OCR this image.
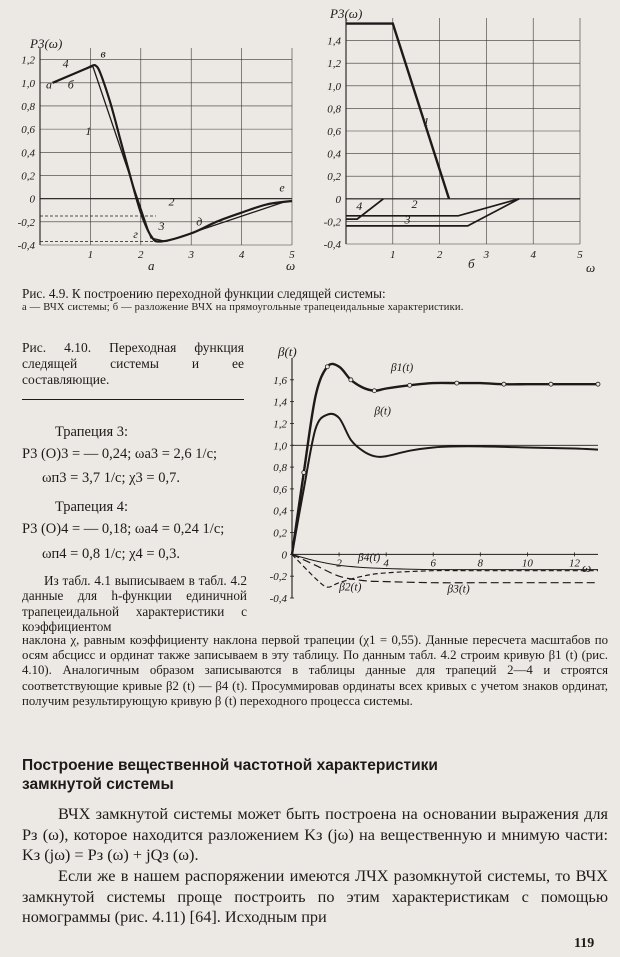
1,2
1,0
0,8
0,6
0,4
0,2
0
-0,2
-0,4
1	2	3	4	5
P3(ω)
ω
а
4
а б
в
1
2
3
г
д
е
1,4
1,2
1,0
0,8
0,6
0,4
0,2
0
-0,2
-0,4
1	2	3	4	5
P3(ω)
ω
б
1
2
3
4
Рис. 4.9. К построению переходной функции следящей системы:
а — ВЧХ системы; б — разложение ВЧХ на прямоугольные трапецеидальные характеристики.
Рис. 4.10. Переходная функция следящей системы и ее составляющие.
Трапеция 3:
P3 (O)3 = — 0,24; ωa3 = 2,6 1/c;
ωп3 = 3,7 1/c; χ3 = 0,7.
Трапеция 4:
P3 (O)4 = — 0,18; ωa4 = 0,24 1/c;
ωп4 = 0,8 1/c; χ4 = 0,3.
Из табл. 4.1 выписываем в табл. 4.2 данные для h-функции единичной трапецеидальной характеристики с коэффициентом
1,6
1,4
1,2
1,0
0,8
0,6
0,4
0,2
0
-0,2
-0,4
2	4	6	8	10	12
β(t)
ω
β1(t)
β(t)
β4(t)
β2(t)	β3(t)
наклона χ, равным коэффициенту наклона первой трапеции (χ1 = 0,55). Данные пересчета масштабов по осям абсцисс и ординат также записываем в эту таблицу. По данным табл. 4.2 строим кривую β1 (t) (рис. 4.10). Аналогичным образом записываются в таблицы данные для трапеций 2—4 и строятся соответствующие кривые β2 (t) — β4 (t). Просуммировав ординаты всех кривых с учетом знаков ординат, получим результирующую кривую β (t) переходного процесса системы.
Построение вещественной частотной характеристики замкнутой системы
ВЧХ замкнутой системы может быть построена на основании выражения для Pз (ω), которое находится разложением Kз (jω) на вещественную и мнимую части: Kз (jω) = Pз (ω) + jQз (ω).
Если же в нашем распоряжении имеются ЛЧХ разомкнутой системы, то ВЧХ замкнутой системы проще построить по этим характеристикам с помощью номограммы (рис. 4.11) [64]. Исходным при
119
